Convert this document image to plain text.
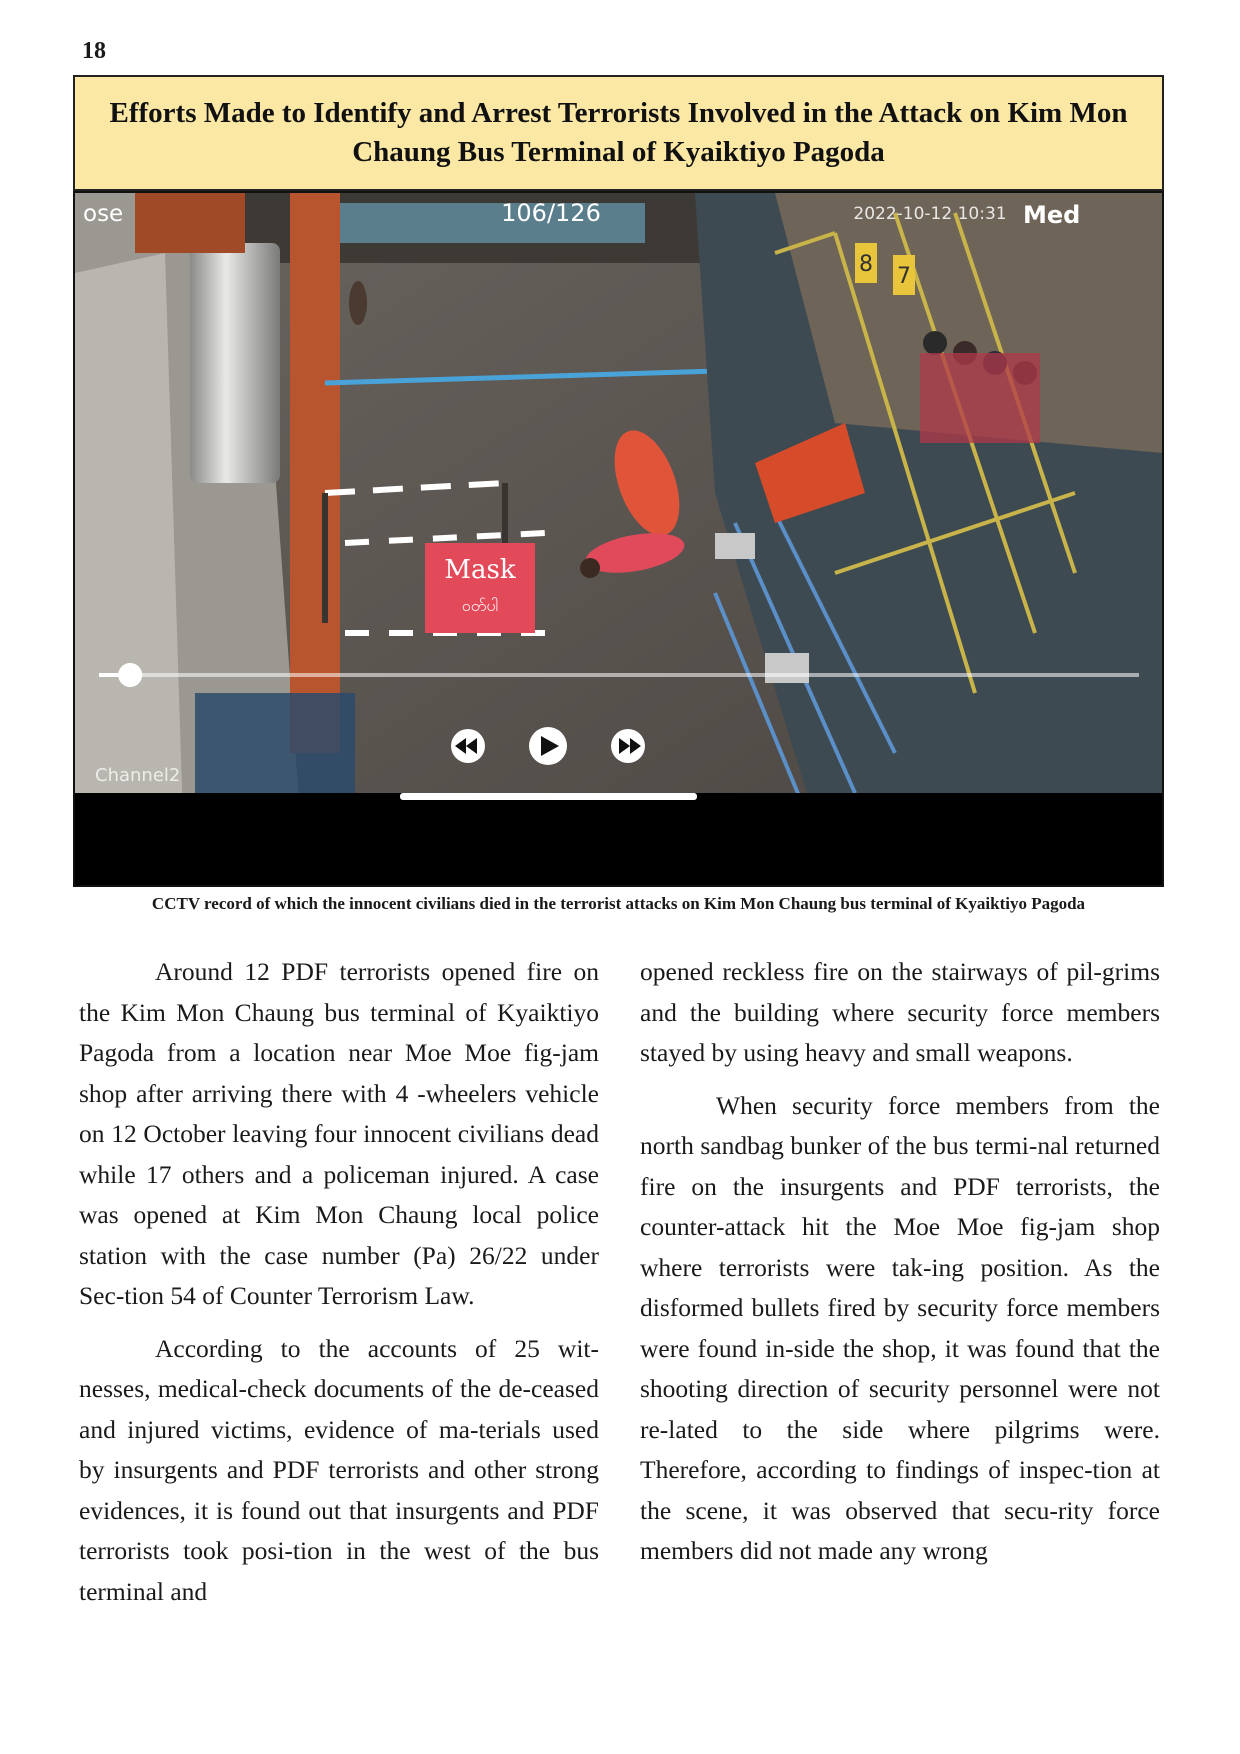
18
Efforts Made to Identify and Arrest Terrorists Involved in the Attack on Kim Mon Chaung Bus Terminal of Kyaiktiyo Pagoda
8 7
Mask
ဝတ်ပါ
ose	106/126	2022-10-12 10:31 Med
Channel2
CCTV record of which the innocent civilians died in the terrorist attacks on Kim Mon Chaung bus terminal of Kyaiktiyo Pagoda

Around 12 PDF terrorists opened fire on the Kim Mon Chaung bus terminal of Kyaiktiyo Pagoda from a location near Moe Moe fig-jam shop after arriving there with 4 -wheelers vehicle on 12 October leaving four innocent civilians dead while 17 others and a policeman injured. A case was opened at Kim Mon Chaung local police station with the case number (Pa) 26/22 under Sec-tion 54 of Counter Terrorism Law.

According to the accounts of 25 wit-nesses, medical-check documents of the de-ceased and injured victims, evidence of ma-terials used by insurgents and PDF terrorists and other strong evidences, it is found out that insurgents and PDF terrorists took posi-tion in the west of the bus terminal and

opened reckless fire on the stairways of pil-grims and the building where security force members stayed by using heavy and small weapons.

When security force members from the north sandbag bunker of the bus termi-nal returned fire on the insurgents and PDF terrorists, the counter-attack hit the Moe Moe fig-jam shop where terrorists were tak-ing position. As the disformed bullets fired by security force members were found in-side the shop, it was found that the shooting direction of security personnel were not re-lated to the side where pilgrims were. Therefore, according to findings of inspec-tion at the scene, it was observed that secu-rity force members did not made any wrong
